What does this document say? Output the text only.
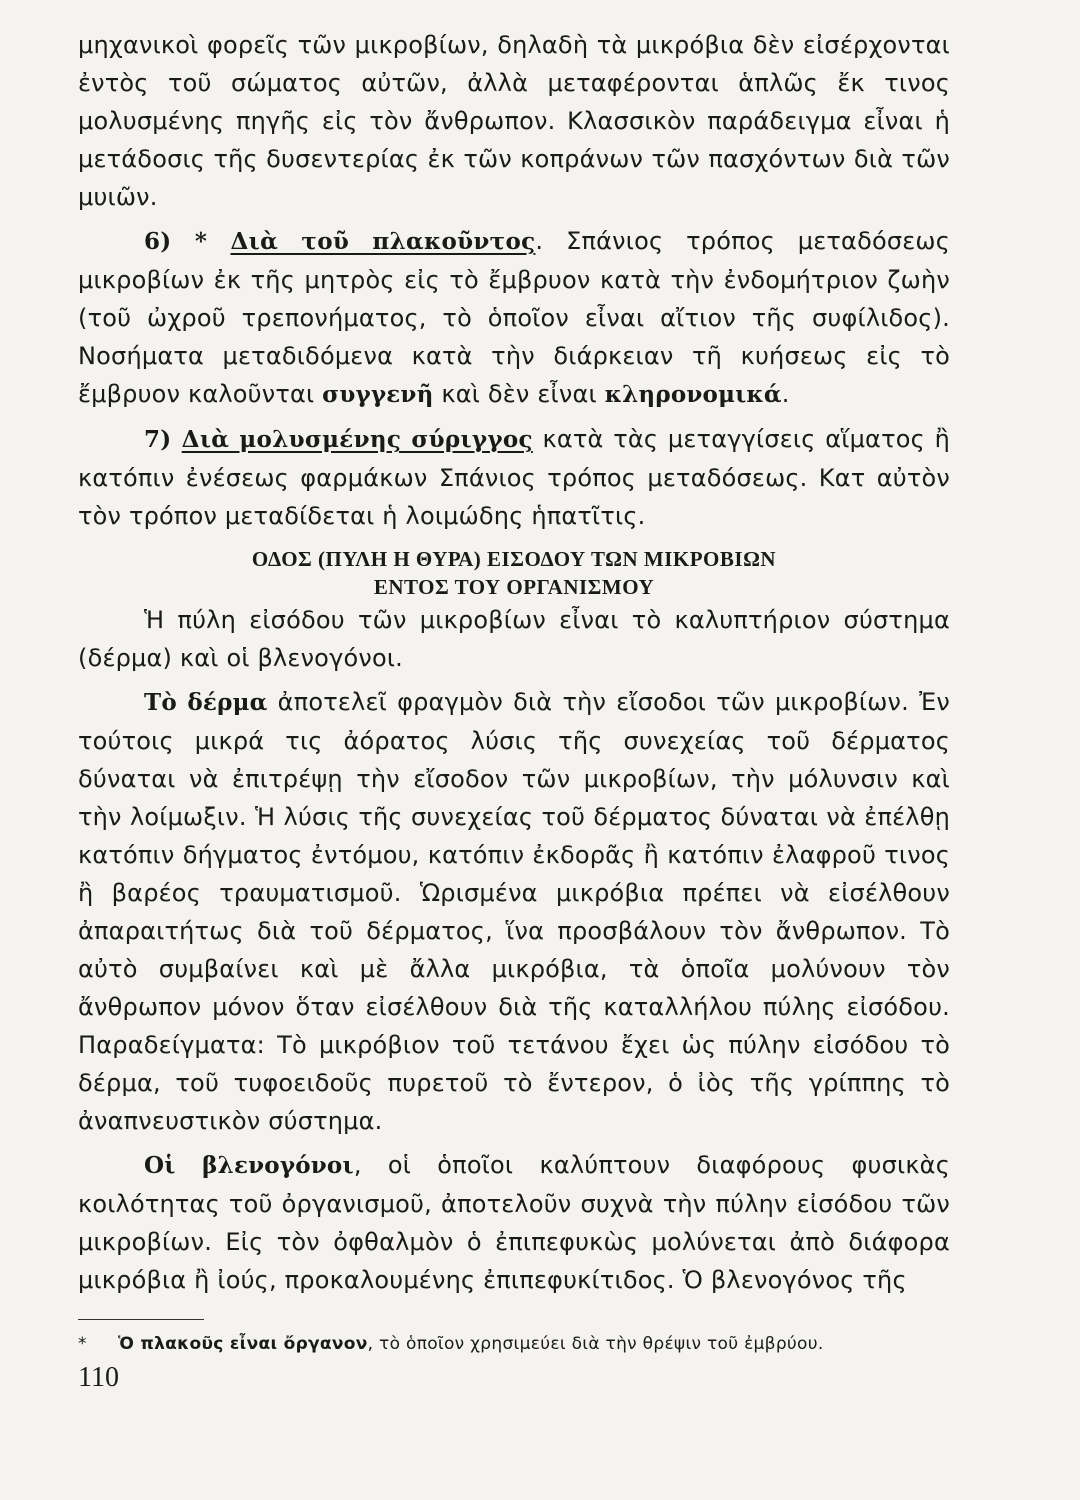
μηχανικοὶ φορεῖς τῶν μικροβίων, δηλαδὴ τὰ μικρόβια δὲν εἰσέρχονται ἐντὸς τοῦ σώματος αὐτῶν, ἀλλὰ μεταφέρονται ἁπλῶς ἔκ τινος μολυσμένης πηγῆς εἰς τὸν ἄνθρωπον. Κλασσικὸν παράδειγμα εἶναι ἡ μετάδοσις τῆς δυσεντερίας ἐκ τῶν κοπράνων τῶν πασχόντων διὰ τῶν μυιῶν.

6) * Διὰ τοῦ πλακοῦντος. Σπάνιος τρόπος μεταδόσεως μικροβίων ἐκ τῆς μητρὸς εἰς τὸ ἔμβρυον κατὰ τὴν ἐνδομήτριον ζωὴν (τοῦ ὠχροῦ τρεπονήματος, τὸ ὁποῖον εἶναι αἴτιον τῆς συφίλιδος). Νοσήματα μεταδιδόμενα κατὰ τὴν διάρκειαν τῆ κυήσεως εἰς τὸ ἔμβρυον καλοῦνται συγγενῆ καὶ δὲν εἶναι κληρονομικά.

7) Διὰ μολυσμένης σύριγγος κατὰ τὰς μεταγγίσεις αἵματος ἢ κατόπιν ἐνέσεως φαρμάκων Σπάνιος τρόπος μεταδόσεως. Κατ αὐτὸν τὸν τρόπον μεταδίδεται ἡ λοιμώδης ἡπατῖτις.

ΟΔΟΣ (ΠΥΛΗ Η ΘΥΡΑ) ΕΙΣΟΔΟΥ ΤΩΝ ΜΙΚΡΟΒΙΩΝ
ΕΝΤΟΣ ΤΟΥ ΟΡΓΑΝΙΣΜΟΥ

Ἡ πύλη εἰσόδου τῶν μικροβίων εἶναι τὸ καλυπτήριον σύστημα (δέρμα) καὶ οἱ βλενογόνοι.

Τὸ δέρμα ἀποτελεῖ φραγμὸν διὰ τὴν εἴσοδοι τῶν μικροβίων. Ἐν τούτοις μικρά τις ἀόρατος λύσις τῆς συνεχείας τοῦ δέρματος δύναται νὰ ἐπιτρέψῃ τὴν εἴσοδον τῶν μικροβίων, τὴν μόλυνσιν καὶ τὴν λοίμωξιν. Ἡ λύσις τῆς συνεχείας τοῦ δέρματος δύναται νὰ ἐπέλθῃ κατόπιν δήγματος ἐντόμου, κατόπιν ἐκδορᾶς ἢ κατόπιν ἐλαφροῦ τινος ἢ βαρέος τραυματισμοῦ. Ὡρισμένα μικρόβια πρέπει νὰ εἰσέλθουν ἀπαραιτήτως διὰ τοῦ δέρματος, ἵνα προσβάλουν τὸν ἄνθρωπον. Τὸ αὐτὸ συμβαίνει καὶ μὲ ἄλλα μικρόβια, τὰ ὁποῖα μολύνουν τὸν ἄνθρωπον μόνον ὅταν εἰσέλθουν διὰ τῆς καταλλήλου πύλης εἰσόδου. Παραδείγματα: Τὸ μικρόβιον τοῦ τετάνου ἔχει ὡς πύλην εἰσόδου τὸ δέρμα, τοῦ τυφοειδοῦς πυρετοῦ τὸ ἔντερον, ὁ ἰὸς τῆς γρίππης τὸ ἀναπνευστικὸν σύστημα.

Οἱ βλενογόνοι, οἱ ὁποῖοι καλύπτουν διαφόρους φυσικὰς κοιλότητας τοῦ ὀργανισμοῦ, ἀποτελοῦν συχνὰ τὴν πύλην εἰσόδου τῶν μικροβίων. Εἰς τὸν ὀφθαλμὸν ὁ ἐπιπεφυκὼς μολύνεται ἀπὸ διάφορα μικρόβια ἢ ἰούς, προκαλουμένης ἐπιπεφυκίτιδος. Ὁ βλενογόνος τῆς

*Ὁ πλακοῦς εἶναι ὄργανον, τὸ ὁποῖον χρησιμεύει διὰ τὴν θρέψιν τοῦ ἐμβρύου.

110
